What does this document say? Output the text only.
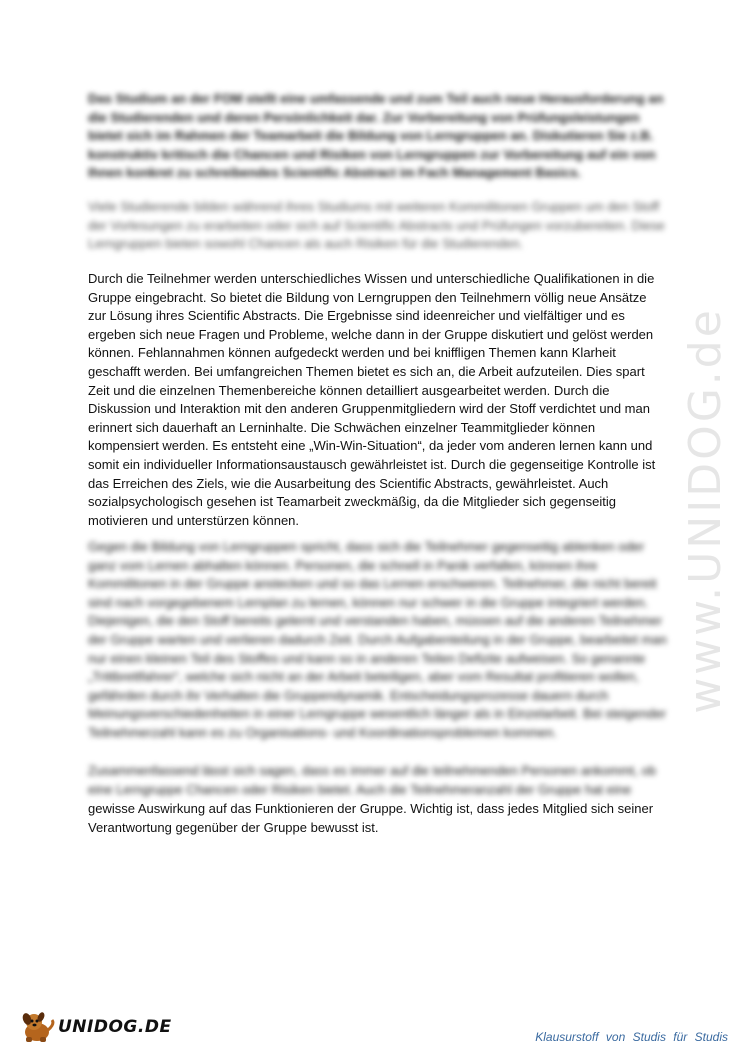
Das Studium an der FOM stellt eine umfassende und zum Teil auch neue Herausforderung an die Studierenden und deren Persönlichkeit dar. Zur Vorbereitung von Prüfungsleistungen bietet sich im Rahmen der Teamarbeit die Bildung von Lerngruppen an. Diskutieren Sie z.B. konstruktiv kritisch die Chancen und Risiken von Lerngruppen zur Vorbereitung auf ein von Ihnen konkret zu schreibendes Scientific Abstract im Fach Management Basics.

Viele Studierende bilden während ihres Studiums mit weiteren Kommilitonen Gruppen um den Stoff der Vorlesungen zu erarbeiten oder sich auf Scientific Abstracts und Prüfungen vorzubereiten. Diese Lerngruppen bieten sowohl Chancen als auch Risiken für die Studierenden.

Durch die Teilnehmer werden unterschiedliches Wissen und unterschiedliche Qualifikationen in die Gruppe eingebracht. So bietet die Bildung von Lerngruppen den Teilnehmern völlig neue Ansätze zur Lösung ihres Scientific Abstracts. Die Ergebnisse sind ideenreicher und vielfältiger und es ergeben sich neue Fragen und Probleme, welche dann in der Gruppe diskutiert und gelöst werden können. Fehlannahmen können aufgedeckt werden und bei kniffligen Themen kann Klarheit geschafft werden. Bei umfangreichen Themen bietet es sich an, die Arbeit aufzuteilen. Dies spart Zeit und die einzelnen Themenbereiche können detailliert ausgearbeitet werden. Durch die Diskussion und Interaktion mit den anderen Gruppenmitgliedern wird der Stoff verdichtet und man erinnert sich dauerhaft an Lerninhalte. Die Schwächen einzelner Teammitglieder können kompensiert werden. Es entsteht eine „Win-Win-Situation“, da jeder vom anderen lernen kann und somit ein individueller Informationsaustausch gewährleistet ist. Durch die gegenseitige Kontrolle ist das Erreichen des Ziels, wie die Ausarbeitung des Scientific Abstracts, gewährleistet. Auch sozialpsychologisch gesehen ist Teamarbeit zweckmäßig, da die Mitglieder sich gegenseitig motivieren und unterstürzen können.

Gegen die Bildung von Lerngruppen spricht, dass sich die Teilnehmer gegenseitig ablenken oder ganz vom Lernen abhalten können. Personen, die schnell in Panik verfallen, können ihre Kommilitonen in der Gruppe anstecken und so das Lernen erschweren. Teilnehmer, die nicht bereit sind nach vorgegebenem Lernplan zu lernen, können nur schwer in die Gruppe integriert werden. Diejenigen, die den Stoff bereits gelernt und verstanden haben, müssen auf die anderen Teilnehmer der Gruppe warten und verlieren dadurch Zeit. Durch Aufgabenteilung in der Gruppe, bearbeitet man nur einen kleinen Teil des Stoffes und kann so in anderen Teilen Defizite aufweisen. So genannte „Trittbrettfahrer“, welche sich nicht an der Arbeit beteiligen, aber vom Resultat profitieren wollen, gefährden durch ihr Verhalten die Gruppendynamik. Entscheidungsprozesse dauern durch Meinungsverschiedenheiten in einer Lerngruppe wesentlich länger als in Einzelarbeit. Bei steigender Teilnehmerzahl kann es zu Organisations- und Koordinationsproblemen kommen.

Zusammenfassend lässt sich sagen, dass es immer auf die teilnehmenden Personen ankommt, ob eine Lerngruppe Chancen oder Risiken bietet. Auch die Teilnehmeranzahl der Gruppe hat eine

gewisse Auswirkung auf das Funktionieren der Gruppe. Wichtig ist, dass jedes Mitglied sich seiner Verantwortung gegenüber der Gruppe bewusst ist.

www.UNIDOG.de
UNIDOG.DE	Klausurstoff von Studis für Studis
